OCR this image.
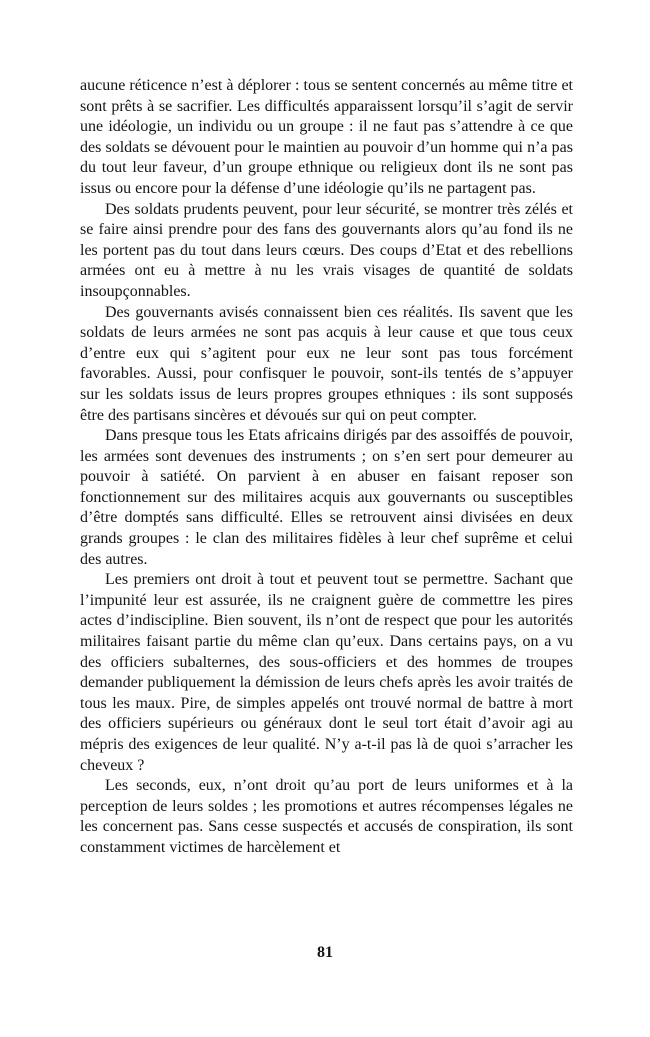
aucune réticence n’est à déplorer : tous se sentent concernés au même titre et sont prêts à se sacrifier. Les difficultés apparaissent lorsqu’il s’agit de servir une idéologie, un individu ou un groupe : il ne faut pas s’attendre à ce que des soldats se dévouent pour le maintien au pouvoir d’un homme qui n’a pas du tout leur faveur, d’un groupe ethnique ou religieux dont ils ne sont pas issus ou encore pour la défense d’une idéologie qu’ils ne partagent pas.

Des soldats prudents peuvent, pour leur sécurité, se montrer très zélés et se faire ainsi prendre pour des fans des gouvernants alors qu’au fond ils ne les portent pas du tout dans leurs cœurs. Des coups d’Etat et des rebellions armées ont eu à mettre à nu les vrais visages de quantité de soldats insoupçonnables.

Des gouvernants avisés connaissent bien ces réalités. Ils savent que les soldats de leurs armées ne sont pas acquis à leur cause et que tous ceux d’entre eux qui s’agitent pour eux ne leur sont pas tous forcément favorables. Aussi, pour confisquer le pouvoir, sont-ils tentés de s’appuyer sur les soldats issus de leurs propres groupes ethniques : ils sont supposés être des partisans sincères et dévoués sur qui on peut compter.

Dans presque tous les Etats africains dirigés par des assoiffés de pouvoir, les armées sont devenues des instruments ; on s’en sert pour demeurer au pouvoir à satiété. On parvient à en abuser en faisant reposer son fonctionnement sur des militaires acquis aux gouvernants ou susceptibles d’être domptés sans difficulté. Elles se retrouvent ainsi divisées en deux grands groupes : le clan des militaires fidèles à leur chef suprême et celui des autres.

Les premiers ont droit à tout et peuvent tout se permettre. Sachant que l’impunité leur est assurée, ils ne craignent guère de commettre les pires actes d’indiscipline. Bien souvent, ils n’ont de respect que pour les autorités militaires faisant partie du même clan qu’eux. Dans certains pays, on a vu des officiers subalternes, des sous-officiers et des hommes de troupes demander publiquement la démission de leurs chefs après les avoir traités de tous les maux. Pire, de simples appelés ont trouvé normal de battre à mort des officiers supérieurs ou généraux dont le seul tort était d’avoir agi au mépris des exigences de leur qualité. N’y a-t-il pas là de quoi s’arracher les cheveux ?

Les seconds, eux, n’ont droit qu’au port de leurs uniformes et à la perception de leurs soldes ; les promotions et autres récompenses légales ne les concernent pas. Sans cesse suspectés et accusés de conspiration, ils sont constamment victimes de harcèlement et

81
